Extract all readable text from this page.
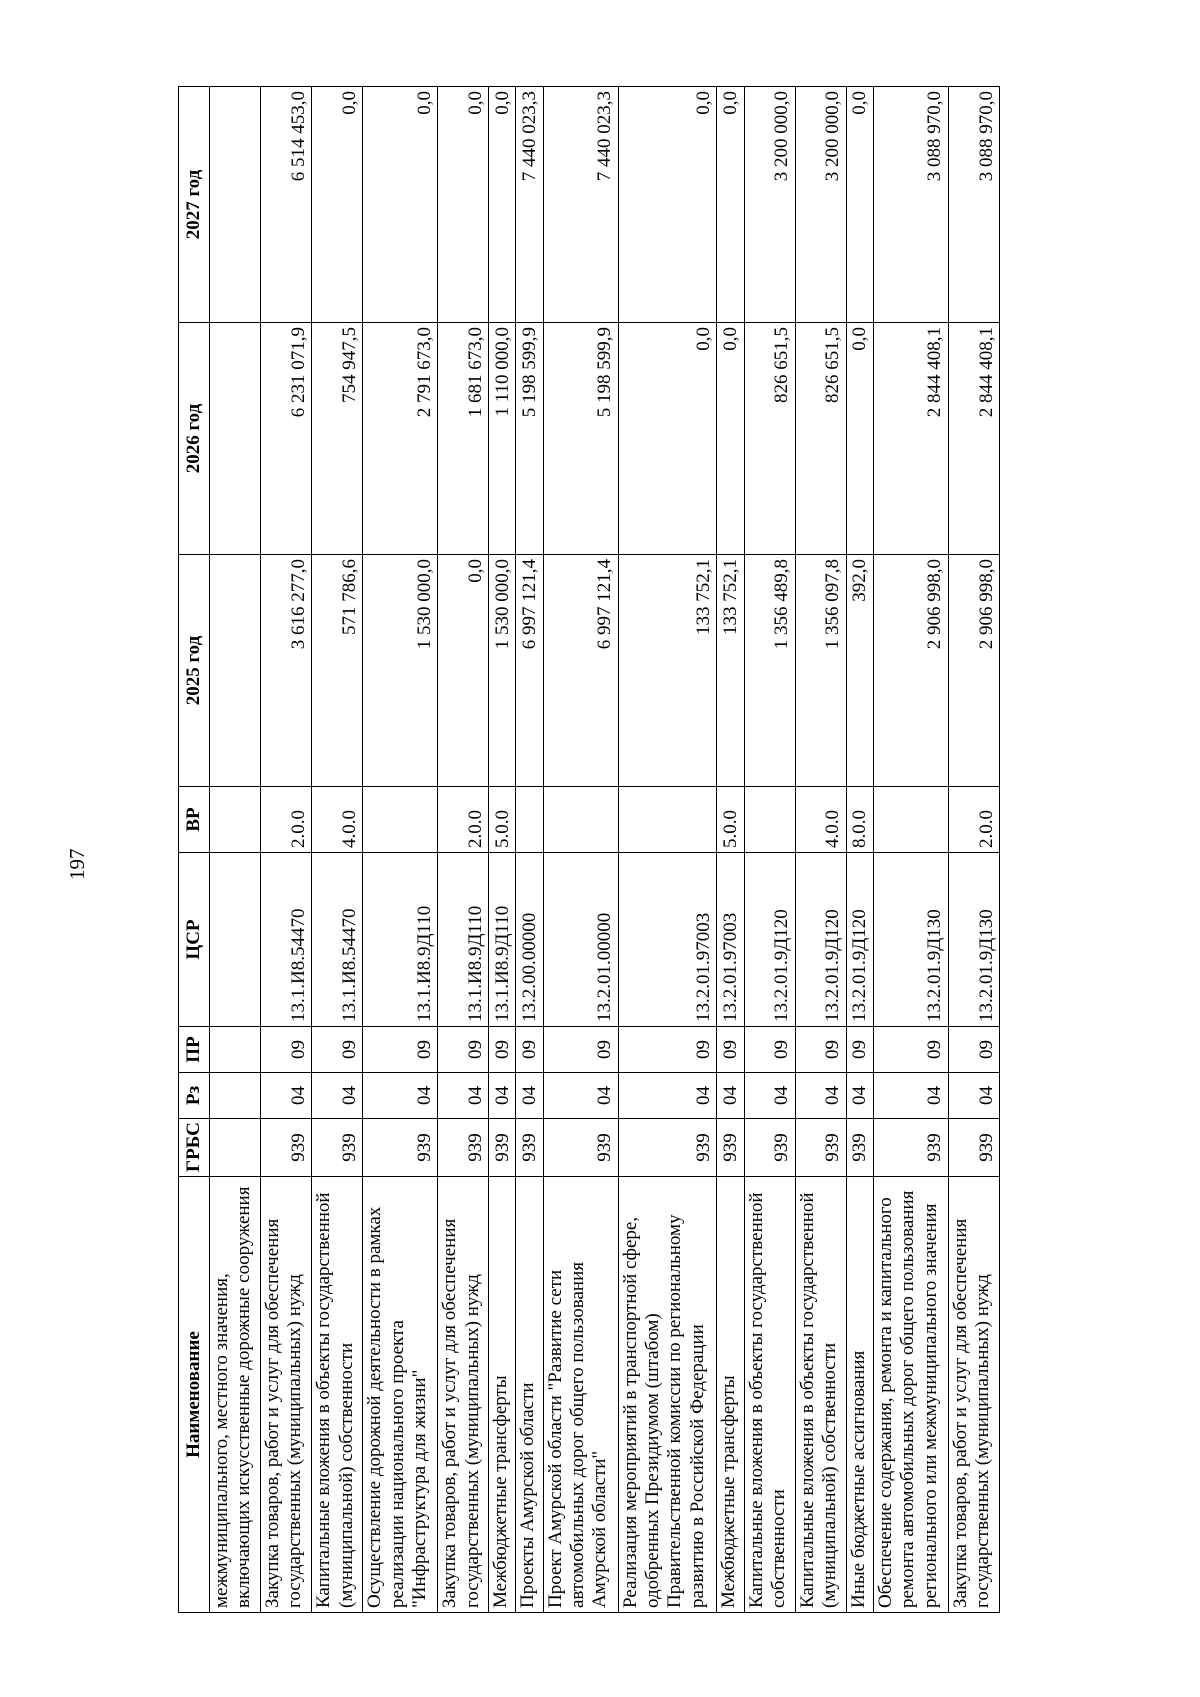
197
Наименование	ГРБС	Рз	ПР	ЦСР	ВР	2025 год	2026 год	2027 год
межмуниципального, местного значения, включающих искусственные дорожные сооружения								
Закупка товаров, работ и услуг для обеспечения государственных (муниципальных) нужд	939	04	09	13.1.И8.54470	2.0.0	3 616 277,0	6 231 071,9	6 514 453,0
Капитальные вложения в объекты государственной (муниципальной) собственности	939	04	09	13.1.И8.54470	4.0.0	571 786,6	754 947,5	0,0
Осуществление дорожной деятельности в рамках реализации национального проекта "Инфраструктура для жизни"	939	04	09	13.1.И8.9Д110		1 530 000,0	2 791 673,0	0,0
Закупка товаров, работ и услуг для обеспечения государственных (муниципальных) нужд	939	04	09	13.1.И8.9Д110	2.0.0	0,0	1 681 673,0	0,0
Межбюджетные трансферты	939	04	09	13.1.И8.9Д110	5.0.0	1 530 000,0	1 110 000,0	0,0
Проекты Амурской области	939	04	09	13.2.00.00000		6 997 121,4	5 198 599,9	7 440 023,3
Проект Амурской области "Развитие сети автомобильных дорог общего пользования Амурской области"	939	04	09	13.2.01.00000		6 997 121,4	5 198 599,9	7 440 023,3
Реализация мероприятий в транспортной сфере, одобренных Президиумом (штабом) Правительственной комиссии по региональному развитию в Российской Федерации	939	04	09	13.2.01.97003		133 752,1	0,0	0,0
Межбюджетные трансферты	939	04	09	13.2.01.97003	5.0.0	133 752,1	0,0	0,0
Капитальные вложения в объекты государственной собственности	939	04	09	13.2.01.9Д120		1 356 489,8	826 651,5	3 200 000,0
Капитальные вложения в объекты государственной (муниципальной) собственности	939	04	09	13.2.01.9Д120	4.0.0	1 356 097,8	826 651,5	3 200 000,0
Иные бюджетные ассигнования	939	04	09	13.2.01.9Д120	8.0.0	392,0	0,0	0,0
Обеспечение содержания, ремонта и капитального ремонта автомобильных дорог общего пользования регионального или межмуниципального значения	939	04	09	13.2.01.9Д130		2 906 998,0	2 844 408,1	3 088 970,0
Закупка товаров, работ и услуг для обеспечения государственных (муниципальных) нужд	939	04	09	13.2.01.9Д130	2.0.0	2 906 998,0	2 844 408,1	3 088 970,0
